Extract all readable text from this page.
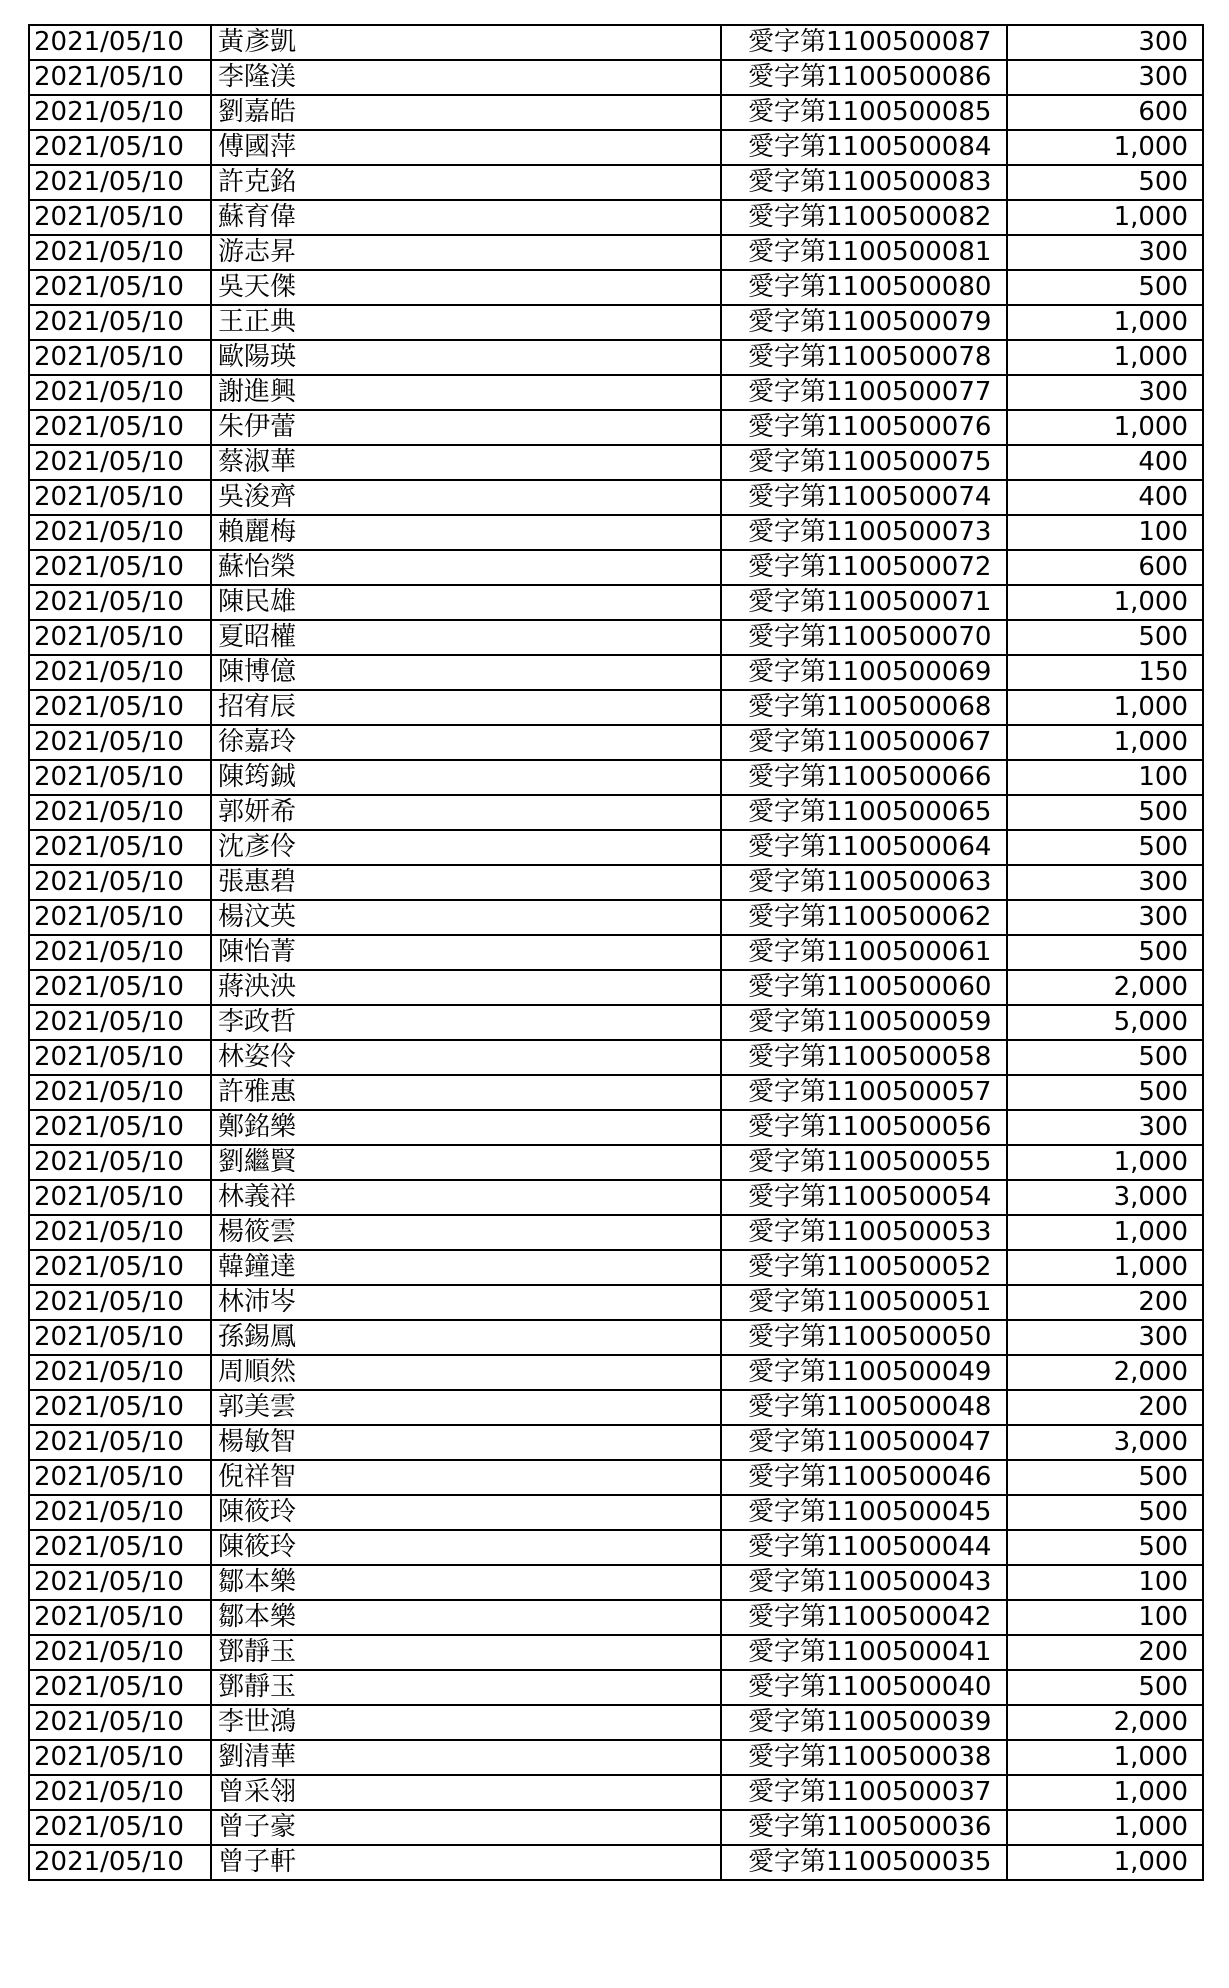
2021/05/10	黃彥凱	愛字第1100500087	300
2021/05/10	李隆渼	愛字第1100500086	300
2021/05/10	劉嘉皓	愛字第1100500085	600
2021/05/10	傅國萍	愛字第1100500084	1,000
2021/05/10	許克銘	愛字第1100500083	500
2021/05/10	蘇育偉	愛字第1100500082	1,000
2021/05/10	游志昇	愛字第1100500081	300
2021/05/10	吳天傑	愛字第1100500080	500
2021/05/10	王正典	愛字第1100500079	1,000
2021/05/10	歐陽瑛	愛字第1100500078	1,000
2021/05/10	謝進興	愛字第1100500077	300
2021/05/10	朱伊蕾	愛字第1100500076	1,000
2021/05/10	蔡淑華	愛字第1100500075	400
2021/05/10	吳浚齊	愛字第1100500074	400
2021/05/10	賴麗梅	愛字第1100500073	100
2021/05/10	蘇怡榮	愛字第1100500072	600
2021/05/10	陳民雄	愛字第1100500071	1,000
2021/05/10	夏昭權	愛字第1100500070	500
2021/05/10	陳博億	愛字第1100500069	150
2021/05/10	招宥辰	愛字第1100500068	1,000
2021/05/10	徐嘉玲	愛字第1100500067	1,000
2021/05/10	陳筠鋮	愛字第1100500066	100
2021/05/10	郭妍希	愛字第1100500065	500
2021/05/10	沈彥伶	愛字第1100500064	500
2021/05/10	張惠碧	愛字第1100500063	300
2021/05/10	楊汶英	愛字第1100500062	300
2021/05/10	陳怡菁	愛字第1100500061	500
2021/05/10	蔣泱泱	愛字第1100500060	2,000
2021/05/10	李政哲	愛字第1100500059	5,000
2021/05/10	林姿伶	愛字第1100500058	500
2021/05/10	許雅惠	愛字第1100500057	500
2021/05/10	鄭銘樂	愛字第1100500056	300
2021/05/10	劉繼賢	愛字第1100500055	1,000
2021/05/10	林義祥	愛字第1100500054	3,000
2021/05/10	楊筱雲	愛字第1100500053	1,000
2021/05/10	韓鐘達	愛字第1100500052	1,000
2021/05/10	林沛岑	愛字第1100500051	200
2021/05/10	孫錫鳳	愛字第1100500050	300
2021/05/10	周順然	愛字第1100500049	2,000
2021/05/10	郭美雲	愛字第1100500048	200
2021/05/10	楊敏智	愛字第1100500047	3,000
2021/05/10	倪祥智	愛字第1100500046	500
2021/05/10	陳筱玲	愛字第1100500045	500
2021/05/10	陳筱玲	愛字第1100500044	500
2021/05/10	鄒本樂	愛字第1100500043	100
2021/05/10	鄒本樂	愛字第1100500042	100
2021/05/10	鄧靜玉	愛字第1100500041	200
2021/05/10	鄧靜玉	愛字第1100500040	500
2021/05/10	李世鴻	愛字第1100500039	2,000
2021/05/10	劉清華	愛字第1100500038	1,000
2021/05/10	曾采翎	愛字第1100500037	1,000
2021/05/10	曾子豪	愛字第1100500036	1,000
2021/05/10	曾子軒	愛字第1100500035	1,000
